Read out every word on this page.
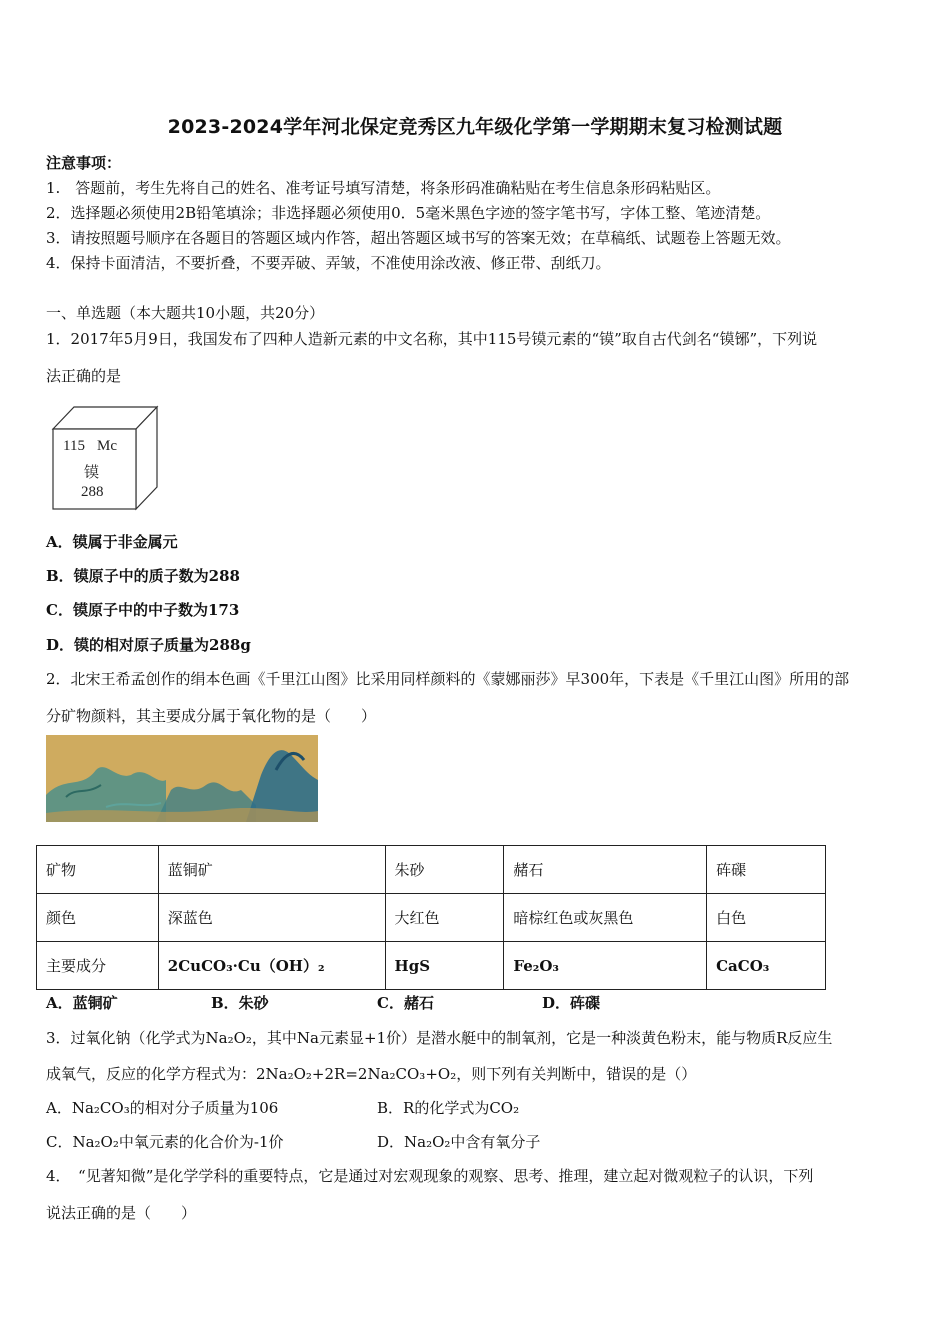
2023-2024学年河北保定竞秀区九年级化学第一学期期末复习检测试题
注意事项：
1.　答题前，考生先将自己的姓名、准考证号填写清楚，将条形码准确粘贴在考生信息条形码粘贴区。
2．选择题必须使用2B铅笔填涂；非选择题必须使用0．5毫米黑色字迹的签字笔书写，字体工整、笔迹清楚。
3．请按照题号顺序在各题目的答题区域内作答，超出答题区域书写的答案无效；在草稿纸、试题卷上答题无效。
4．保持卡面清洁，不要折叠，不要弄破、弄皱，不准使用涂改液、修正带、刮纸刀。
一、单选题（本大题共10小题，共20分）
1．2017年5月9日，我国发布了四种人造新元素的中文名称，其中115号镆元素的“镆”取自古代剑名“镆铘”，下列说
法正确的是
115 Mc
镆
288
A．镆属于非金属元
B．镆原子中的质子数为288
C．镆原子中的中子数为173
D．镆的相对原子质量为288g
2．北宋王希孟创作的绢本色画《千里江山图》比采用同样颜料的《蒙娜丽莎》早300年，下表是《千里江山图》所用的部
分矿物颜料，其主要成分属于氧化物的是（　　）
矿物	蓝铜矿	朱砂	赭石	砗磲
颜色	深蓝色	大红色	暗棕红色或灰黑色	白色
主要成分	2CuCO₃·Cu（OH）₂	HgS	Fe₂O₃	CaCO₃
A．蓝铜矿	B．朱砂	C．赭石	D．砗磲
3．过氧化钠（化学式为Na₂O₂，其中Na元素显+1价）是潜水艇中的制氧剂，它是一种淡黄色粉末，能与物质R反应生
成氧气，反应的化学方程式为：2Na₂O₂+2R=2Na₂CO₃+O₂，则下列有关判断中，错误的是（）
A．Na₂CO₃的相对分子质量为106	B．R的化学式为CO₂
C．Na₂O₂中氧元素的化合价为-1价	D．Na₂O₂中含有氧分子
4．　“见著知微”是化学学科的重要特点，它是通过对宏观现象的观察、思考、推理，建立起对微观粒子的认识，下列
说法正确的是（　　）
